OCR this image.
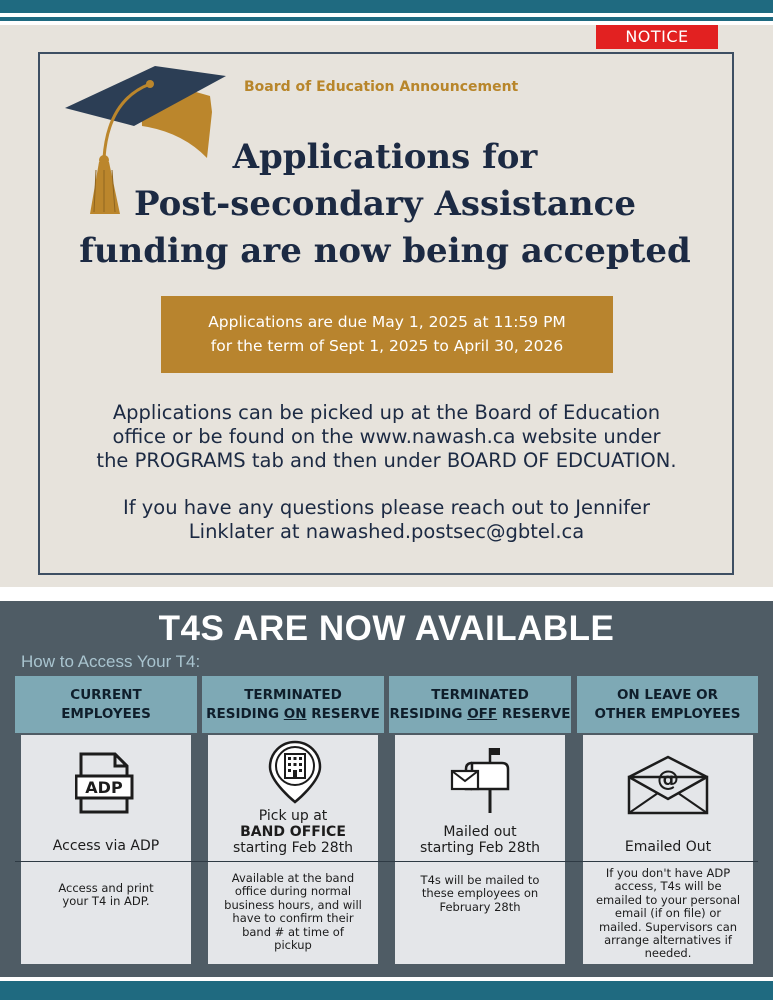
NOTICE
Board of Education Announcement
Applications for
Post-secondary Assistance
funding are now being accepted
Applications are due May 1, 2025 at 11:59 PM
for the term of Sept 1, 2025 to April 30, 2026
Applications can be picked up at the Board of Education
office or be found on the www.nawash.ca website under
the PROGRAMS tab and then under BOARD OF EDCUATION.
If you have any questions please reach out to Jennifer
Linklater at nawashed.postsec@gbtel.ca
T4S ARE NOW AVAILABLE
How to Access Your T4:
CURRENT
EMPLOYEES
TERMINATED
RESIDING ON RESERVE
TERMINATED
RESIDING OFF RESERVE
ON LEAVE OR
OTHER EMPLOYEES
ADP	@
Access via ADP
Pick up at
BAND OFFICE
starting Feb 28th
Mailed out
starting Feb 28th	Emailed Out
Access and print
your T4 in ADP.
Available at the band
office during normal
business hours, and will
have to confirm their
band # at time of
pickup
T4s will be mailed to
these employees on
February 28th
If you don't have ADP
access, T4s will be
emailed to your personal
email (if on file) or
mailed. Supervisors can
arrange alternatives if
needed.
